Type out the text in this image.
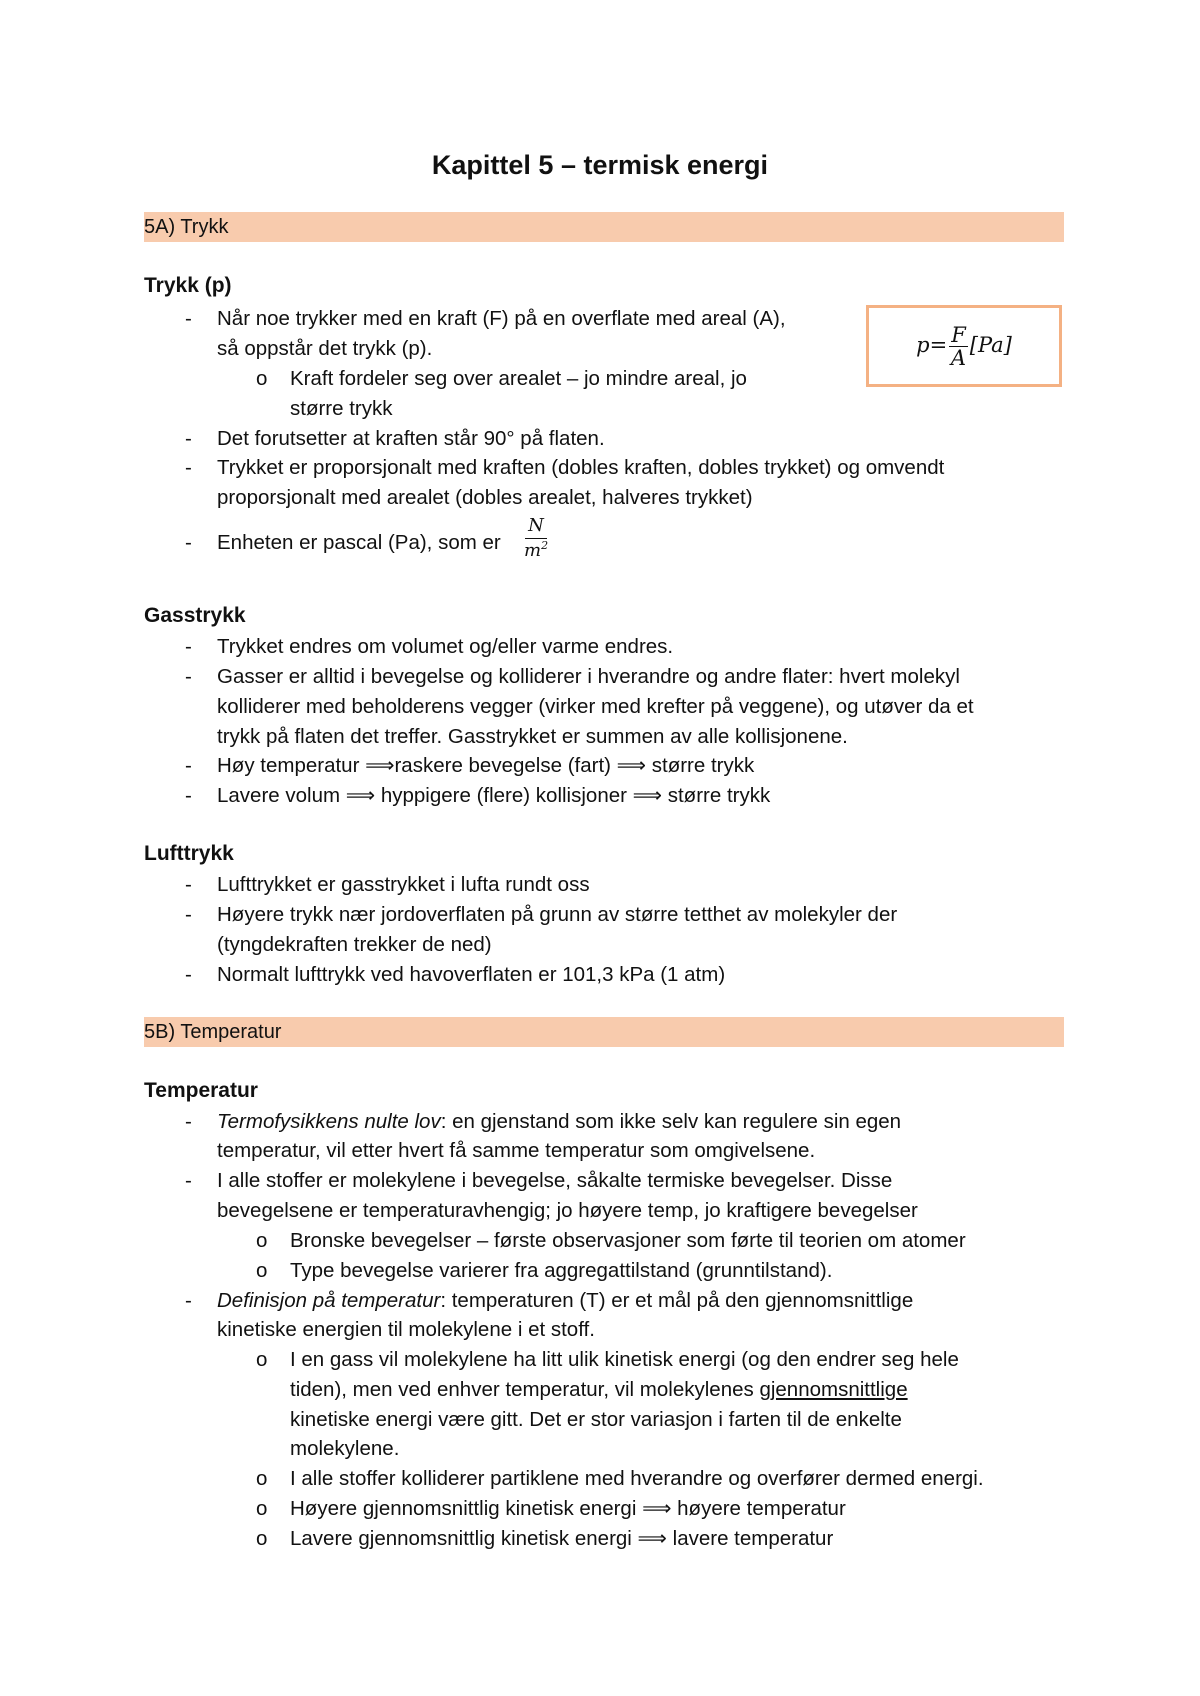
Kapittel 5 – termisk energi
5A) Trykk
Trykk (p)
$p= \frac{F}{A} [Pa]$
- Når noe trykker med en kraft (F) på en overflate med areal (A),
så oppstår det trykk (p).
o Kraft fordeler seg over arealet – jo mindre areal, jo
større trykk
- Det forutsetter at kraften står 90° på flaten.
- Trykket er proporsjonalt med kraften (dobles kraften, dobles trykket) og omvendt
proporsjonalt med arealet (dobles arealet, halveres trykket)
- Enheten er pascal (Pa), som er $\frac{N}{m^2}$
Gasstrykk
- Trykket endres om volumet og/eller varme endres.
- Gasser er alltid i bevegelse og kolliderer i hverandre og andre flater: hvert molekyl
kolliderer med beholderens vegger (virker med krefter på veggene), og utøver da et
trykk på flaten det treffer. Gasstrykket er summen av alle kollisjonene.
- Høy temperatur ⟹raskere bevegelse (fart) ⟹ større trykk
- Lavere volum ⟹ hyppigere (flere) kollisjoner ⟹ større trykk
Lufttrykk
- Lufttrykket er gasstrykket i lufta rundt oss
- Høyere trykk nær jordoverflaten på grunn av større tetthet av molekyler der
(tyngdekraften trekker de ned)
- Normalt lufttrykk ved havoverflaten er 101,3 kPa (1 atm)
5B) Temperatur
Temperatur
- Termofysikkens nulte lov: en gjenstand som ikke selv kan regulere sin egen
temperatur, vil etter hvert få samme temperatur som omgivelsene.
- I alle stoffer er molekylene i bevegelse, såkalte termiske bevegelser. Disse
bevegelsene er temperaturavhengig; jo høyere temp, jo kraftigere bevegelser
o Bronske bevegelser – første observasjoner som førte til teorien om atomer
o Type bevegelse varierer fra aggregattilstand (grunntilstand).
- Definisjon på temperatur: temperaturen (T) er et mål på den gjennomsnittlige
kinetiske energien til molekylene i et stoff.
o I en gass vil molekylene ha litt ulik kinetisk energi (og den endrer seg hele
tiden), men ved enhver temperatur, vil molekylenes gjennomsnittlige
kinetiske energi være gitt. Det er stor variasjon i farten til de enkelte
molekylene.
o I alle stoffer kolliderer partiklene med hverandre og overfører dermed energi.
o Høyere gjennomsnittlig kinetisk energi ⟹ høyere temperatur
o Lavere gjennomsnittlig kinetisk energi ⟹ lavere temperatur
